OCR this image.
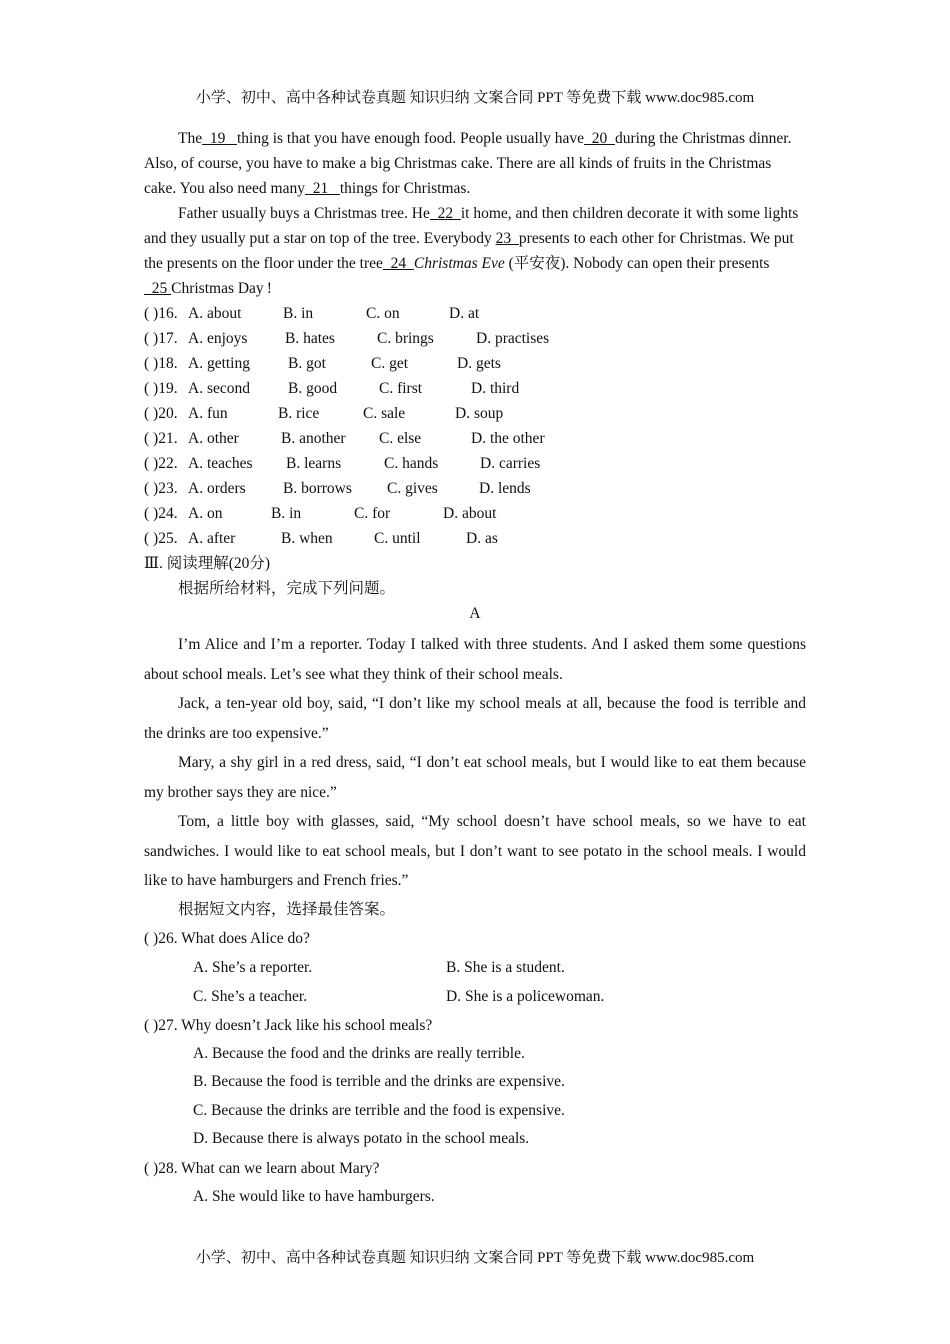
小学、初中、高中各种试卷真题 知识归纳 文案合同 PPT 等免费下载 www.doc985.com

The  19   thing is that you have enough food. People usually have  20  during the Christmas dinner. Also, of course, you have to make a big Christmas cake. There are all kinds of fruits in the Christmas cake. You also need many  21   things for Christmas.

Father usually buys a Christmas tree. He  22  it home, and then children decorate it with some lights and they usually put a star on top of the tree. Everybody 23  presents to each other for Christmas. We put the presents on the floor under the tree  24  Christmas Eve (平安夜). Nobody can open their presents  25 Christmas Day !

( )16. A. about	B. in	C. on	D. at
( )17. A. enjoys	B. hates	C. brings	D. practises
( )18. A. getting	B. got	C. get	D. gets
( )19. A. second	B. good	C. first	D. third
( )20. A. fun	B. rice	C. sale	D. soup
( )21. A. other	B. another	C. else	D. the other
( )22. A. teaches	B. learns	C. hands	D. carries
( )23. A. orders	B. borrows	C. gives	D. lends
( )24. A. on	B. in	C. for	D. about
( )25. A. after	B. when	C. until	D. as
Ⅲ. 阅读理解(20分)
根据所给材料，完成下列问题。
A

I’m Alice and I’m a reporter. Today I talked with three students. And I asked them some questions about school meals. Let’s see what they think of their school meals.

Jack, a ten-year old boy, said, “I don’t like my school meals at all, because the food is terrible and the drinks are too expensive.”

Mary, a shy girl in a red dress, said, “I don’t eat school meals, but I would like to eat them because my brother says they are nice.”

Tom, a little boy with glasses, said, “My school doesn’t have school meals, so we have to eat sandwiches. I would like to eat school meals, but I don’t want to see potato in the school meals. I would like to have hamburgers and French fries.”

根据短文内容，选择最佳答案。
( )26. What does Alice do?
A. She’s a reporter.	B. She is a student.
C. She’s a teacher.	D. She is a policewoman.
( )27. Why doesn’t Jack like his school meals?
A. Because the food and the drinks are really terrible.
B. Because the food is terrible and the drinks are expensive.
C. Because the drinks are terrible and the food is expensive.
D. Because there is always potato in the school meals.
( )28. What can we learn about Mary?
A. She would like to have hamburgers.
小学、初中、高中各种试卷真题 知识归纳 文案合同 PPT 等免费下载 www.doc985.com
